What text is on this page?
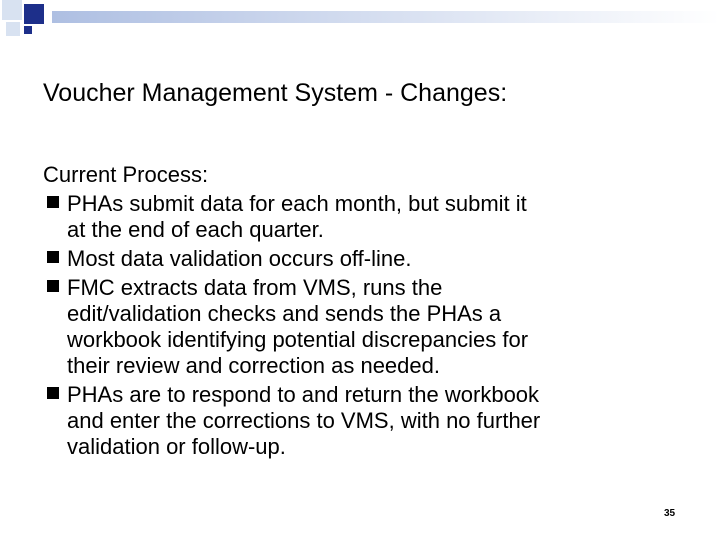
Voucher Management System - Changes:

Current Process:

PHAs submit data for each month, but submit it
at the end of each quarter.
Most data validation occurs off-line.
FMC extracts data from VMS, runs the
edit/validation checks and sends the PHAs a
workbook identifying potential discrepancies for
their review and correction as needed.
PHAs are to respond to and return the workbook
and enter the corrections to VMS, with no further
validation or follow-up.
35
